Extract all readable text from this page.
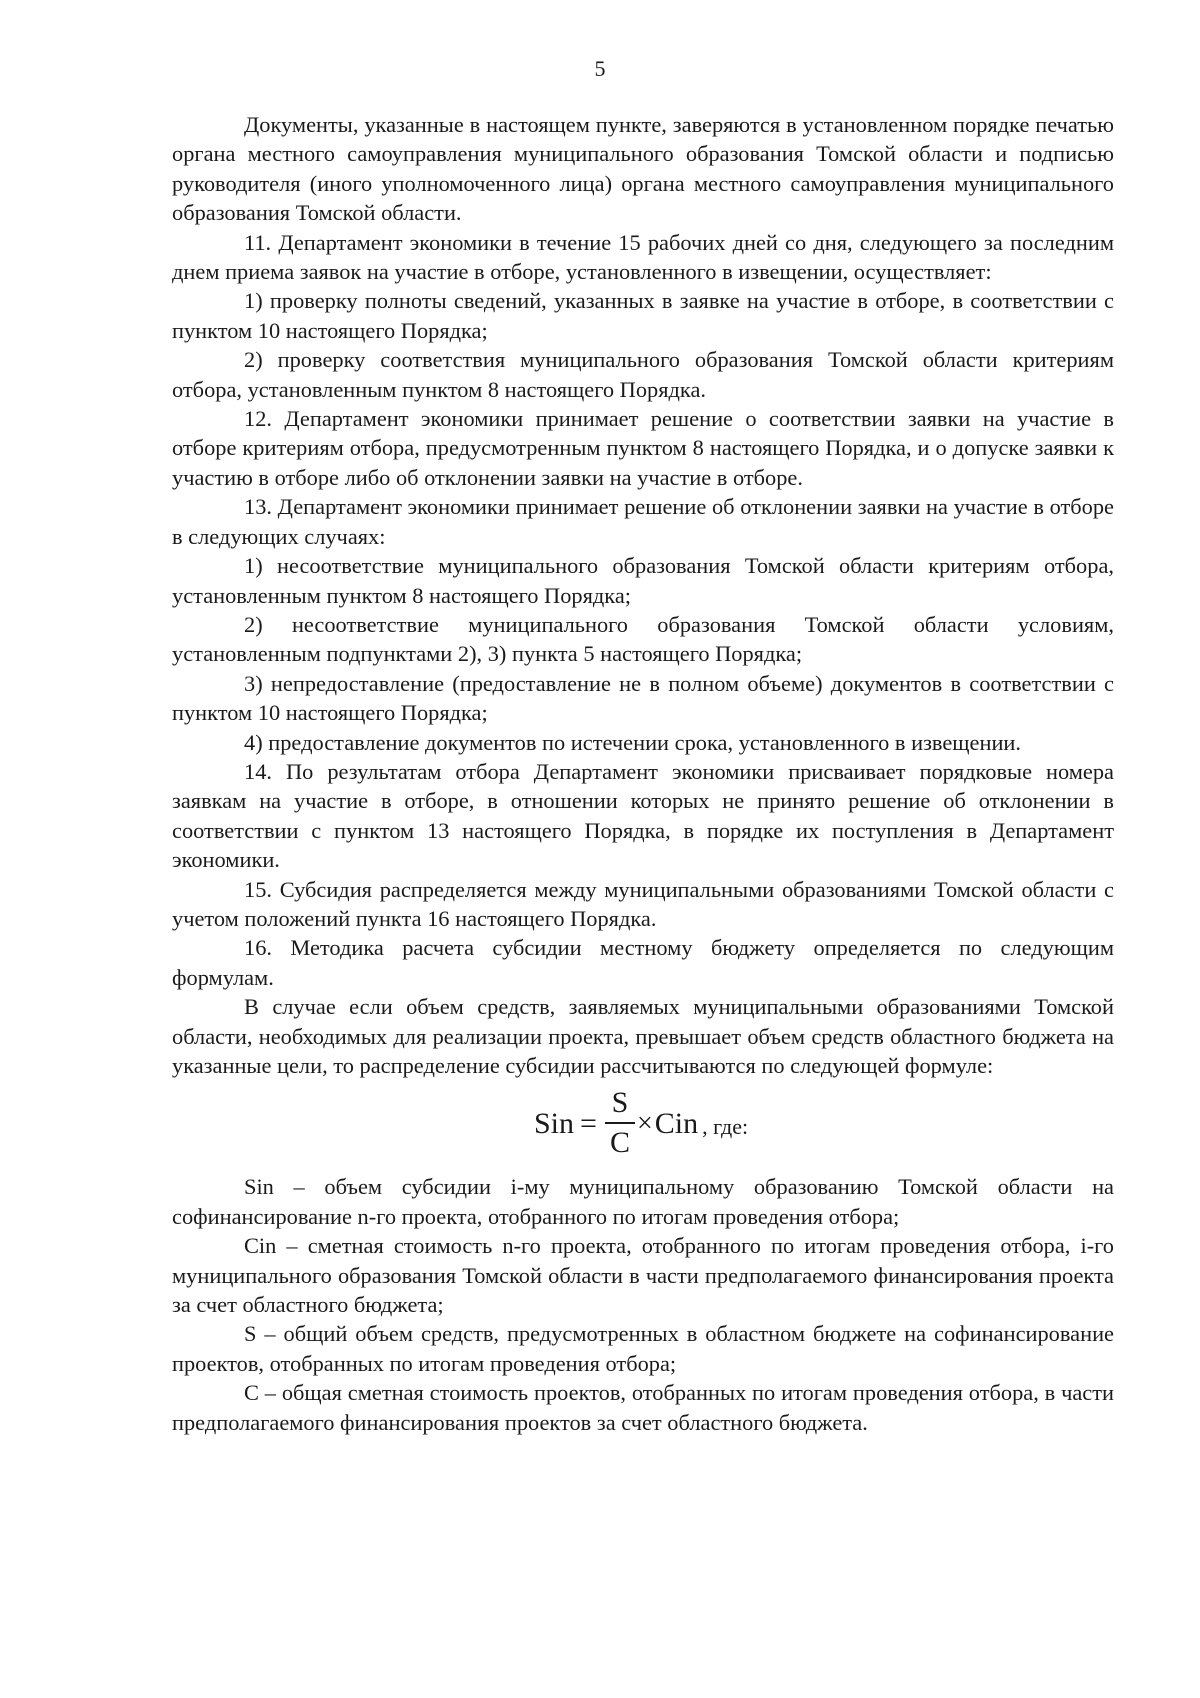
5

Документы, указанные в настоящем пункте, заверяются в установленном порядке печатью органа местного самоуправления муниципального образования Томской области и подписью руководителя (иного уполномоченного лица) органа местного самоуправления муниципального образования Томской области.

11. Департамент экономики в течение 15 рабочих дней со дня, следующего за последним днем приема заявок на участие в отборе, установленного в извещении, осуществляет:

1) проверку полноты сведений, указанных в заявке на участие в отборе, в соответствии с пунктом 10 настоящего Порядка;

2) проверку соответствия муниципального образования Томской области критериям отбора, установленным пунктом 8 настоящего Порядка.

12. Департамент экономики принимает решение о соответствии заявки на участие в отборе критериям отбора, предусмотренным пунктом 8 настоящего Порядка, и о допуске заявки к участию в отборе либо об отклонении заявки на участие в отборе.

13. Департамент экономики принимает решение об отклонении заявки на участие в отборе в следующих случаях:

1) несоответствие муниципального образования Томской области критериям отбора, установленным пунктом 8 настоящего Порядка;

2) несоответствие муниципального образования Томской области условиям, установленным подпунктами 2), 3) пункта 5 настоящего Порядка;

3) непредоставление (предоставление не в полном объеме) документов в соответствии с пунктом 10 настоящего Порядка;

4) предоставление документов по истечении срока, установленного в извещении.

14. По результатам отбора Департамент экономики присваивает порядковые номера заявкам на участие в отборе, в отношении которых не принято решение об отклонении в соответствии с пунктом 13 настоящего Порядка, в порядке их поступления в Департамент экономики.

15. Субсидия распределяется между муниципальными образованиями Томской области с учетом положений пункта 16 настоящего Порядка.

16. Методика расчета субсидии местному бюджету определяется по следующим формулам.

В случае если объем средств, заявляемых муниципальными образованиями Томской области, необходимых для реализации проекта, превышает объем средств областного бюджета на указанные цели, то распределение субсидии рассчитываются по следующей формуле:

Sin = $\frac{S}{C}$ × Cin , где:

Sin – объем субсидии i-му муниципальному образованию Томской области на софинансирование n-го проекта, отобранного по итогам проведения отбора;

Cin – сметная стоимость n-го проекта, отобранного по итогам проведения отбора, i-го муниципального образования Томской области в части предполагаемого финансирования проекта за счет областного бюджета;

S – общий объем средств, предусмотренных в областном бюджете на софинансирование проектов, отобранных по итогам проведения отбора;

C – общая сметная стоимость проектов, отобранных по итогам проведения отбора, в части предполагаемого финансирования проектов за счет областного бюджета.
